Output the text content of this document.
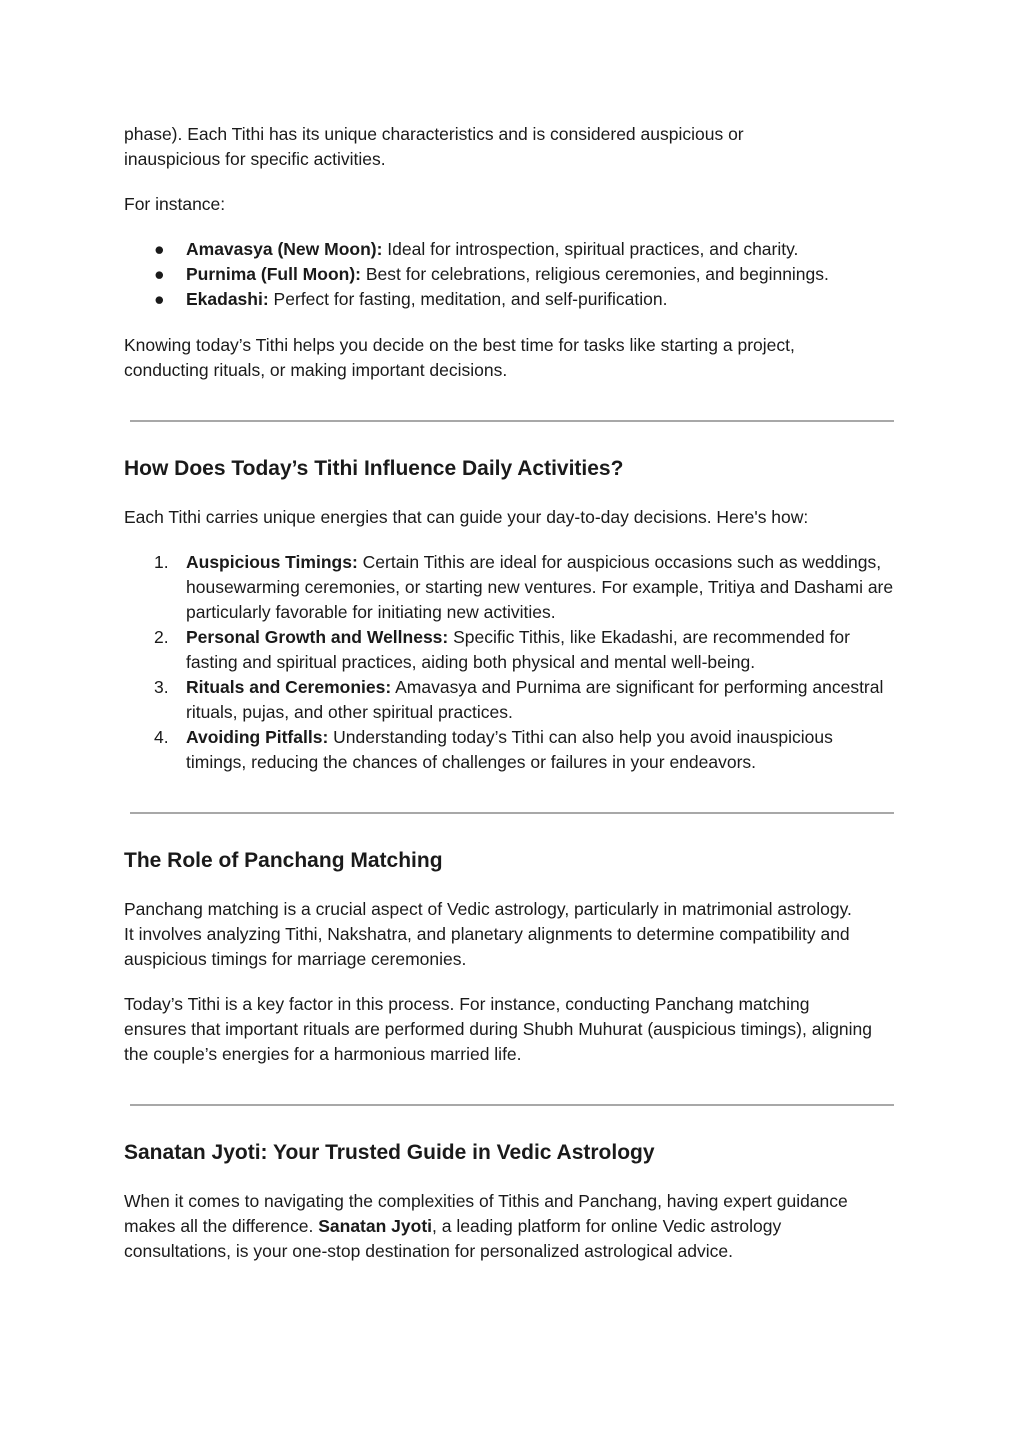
phase). Each Tithi has its unique characteristics and is considered auspicious or inauspicious for specific activities.

For instance:

●	Amavasya (New Moon): Ideal for introspection, spiritual practices, and charity.
●	Purnima (Full Moon): Best for celebrations, religious ceremonies, and beginnings.
●	Ekadashi: Perfect for fasting, meditation, and self-purification.

Knowing today’s Tithi helps you decide on the best time for tasks like starting a project, conducting rituals, or making important decisions.

How Does Today’s Tithi Influence Daily Activities?

Each Tithi carries unique energies that can guide your day-to-day decisions. Here's how:

1. Auspicious Timings: Certain Tithis are ideal for auspicious occasions such as weddings, housewarming ceremonies, or starting new ventures. For example, Tritiya and Dashami are particularly favorable for initiating new activities.
2. Personal Growth and Wellness: Specific Tithis, like Ekadashi, are recommended for fasting and spiritual practices, aiding both physical and mental well-being.
3. Rituals and Ceremonies: Amavasya and Purnima are significant for performing ancestral rituals, pujas, and other spiritual practices.
4. Avoiding Pitfalls: Understanding today’s Tithi can also help you avoid inauspicious timings, reducing the chances of challenges or failures in your endeavors.
The Role of Panchang Matching

Panchang matching is a crucial aspect of Vedic astrology, particularly in matrimonial astrology. It involves analyzing Tithi, Nakshatra, and planetary alignments to determine compatibility and auspicious timings for marriage ceremonies.

Today’s Tithi is a key factor in this process. For instance, conducting Panchang matching ensures that important rituals are performed during Shubh Muhurat (auspicious timings), aligning the couple’s energies for a harmonious married life.

Sanatan Jyoti: Your Trusted Guide in Vedic Astrology

When it comes to navigating the complexities of Tithis and Panchang, having expert guidance makes all the difference. Sanatan Jyoti, a leading platform for online Vedic astrology consultations, is your one-stop destination for personalized astrological advice.
